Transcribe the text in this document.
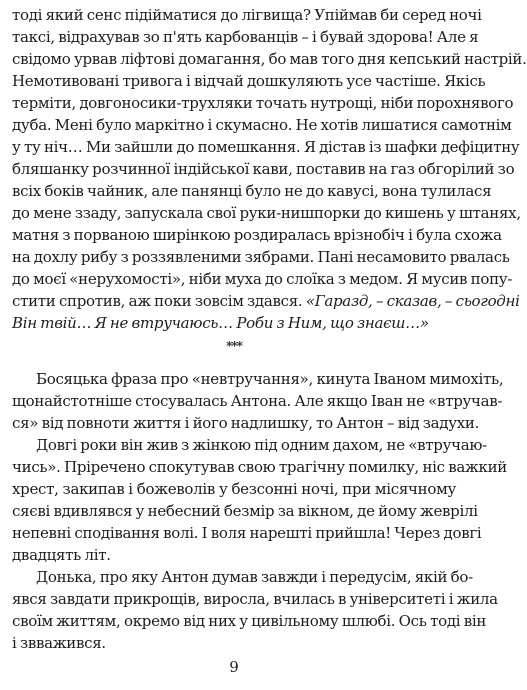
тоді який сенс підійматися до лігвища? Упіймав би серед ночі
таксі, відрахував зо п'ять карбованців – і бувай здорова! Але я
свідомо урвав ліфтові домагання, бо мав того дня кепський настрій.
Немотивовані тривога і відчай дошкуляють усе частіше. Якісь
терміти, довгоносики-трухляки точать нутрощі, ніби порохнявого
дуба. Мені було маркітно і скумасно. Не хотів лишатися самотнім
у ту ніч… Ми зайшли до помешкання. Я дістав із шафки дефіцитну
бляшанку розчинної індійської кави, поставив на газ обгорілий зо
всіх боків чайник, але панянці було не до кавусі, вона тулилася
до мене ззаду, запускала свої руки-нишпорки до кишень у штанях,
матня з порваною ширінкою роздиралась врізнобіч і була схожа
на дохлу рибу з роззявленими зябрами. Пані несамовито рвалась
до моєї «нерухомості», ніби муха до слоїка з медом. Я мусив попу-
стити спротив, аж поки зовсім здався. «Гаразд, – сказав, – сьогодні
Він твій… Я не втручаюсь… Роби з Ним, що знаєш…»
***
Босяцька фраза про «невтручання», кинута Іваном мимохіть,
щонайстотніше стосувалась Антона. Але якщо Іван не «втручав-
ся» від повноти життя і його надлишку, то Антон – від задухи.
Довгі роки він жив з жінкою під одним дахом, не «втручаю-
чись». Пріречено спокутував свою трагічну помилку, ніс важкий
хрест, закипав і божеволів у безсонні ночі, при місячному
сяєві вдивлявся у небесний безмір за вікном, де йому жеврілі
непевні сподівання волі. І воля нарешті прийшла! Через довгі
двадцять літ.
Донька, про яку Антон думав завжди і передусім, якій бо-
явся завдати прикрощів, виросла, вчилась в університеті і жила
своїм життям, окремо від них у цивільному шлюбі. Ось тоді він
і звважився.
9
